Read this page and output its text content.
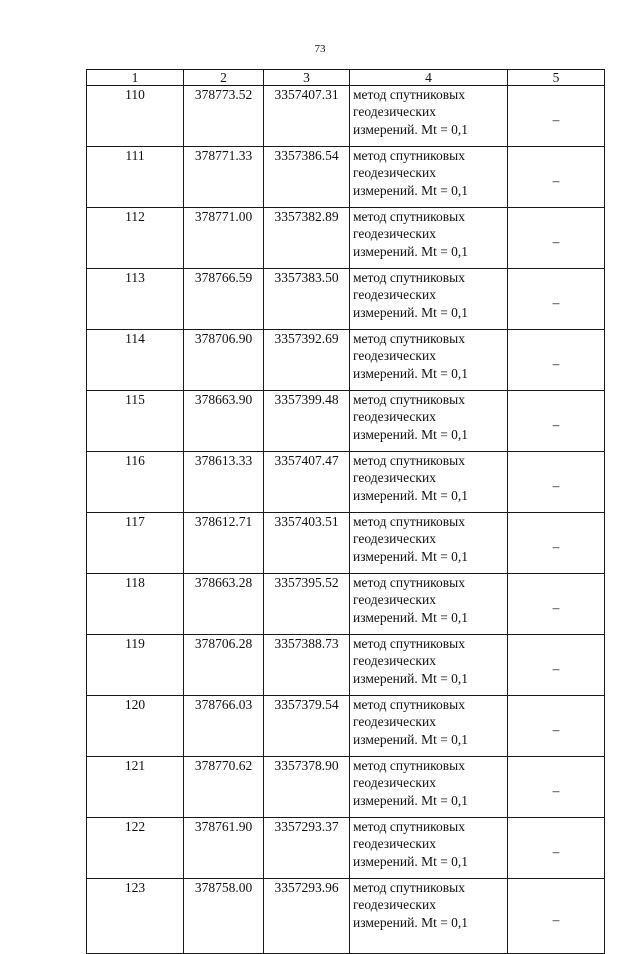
73
1	2	3	4	5
110	378773.52	3357407.31	метод спутниковых
геодезических
измерений. Mt = 0,1	–
111	378771.33	3357386.54	метод спутниковых
геодезических
измерений. Mt = 0,1	–
112	378771.00	3357382.89	метод спутниковых
геодезических
измерений. Mt = 0,1	–
113	378766.59	3357383.50	метод спутниковых
геодезических
измерений. Mt = 0,1	–
114	378706.90	3357392.69	метод спутниковых
геодезических
измерений. Mt = 0,1	–
115	378663.90	3357399.48	метод спутниковых
геодезических
измерений. Mt = 0,1	–
116	378613.33	3357407.47	метод спутниковых
геодезических
измерений. Mt = 0,1	–
117	378612.71	3357403.51	метод спутниковых
геодезических
измерений. Mt = 0,1	–
118	378663.28	3357395.52	метод спутниковых
геодезических
измерений. Mt = 0,1	–
119	378706.28	3357388.73	метод спутниковых
геодезических
измерений. Mt = 0,1	–
120	378766.03	3357379.54	метод спутниковых
геодезических
измерений. Mt = 0,1	–
121	378770.62	3357378.90	метод спутниковых
геодезических
измерений. Mt = 0,1	–
122	378761.90	3357293.37	метод спутниковых
геодезических
измерений. Mt = 0,1	–
123	378758.00	3357293.96	метод спутниковых
геодезических
измерений. Mt = 0,1	–
